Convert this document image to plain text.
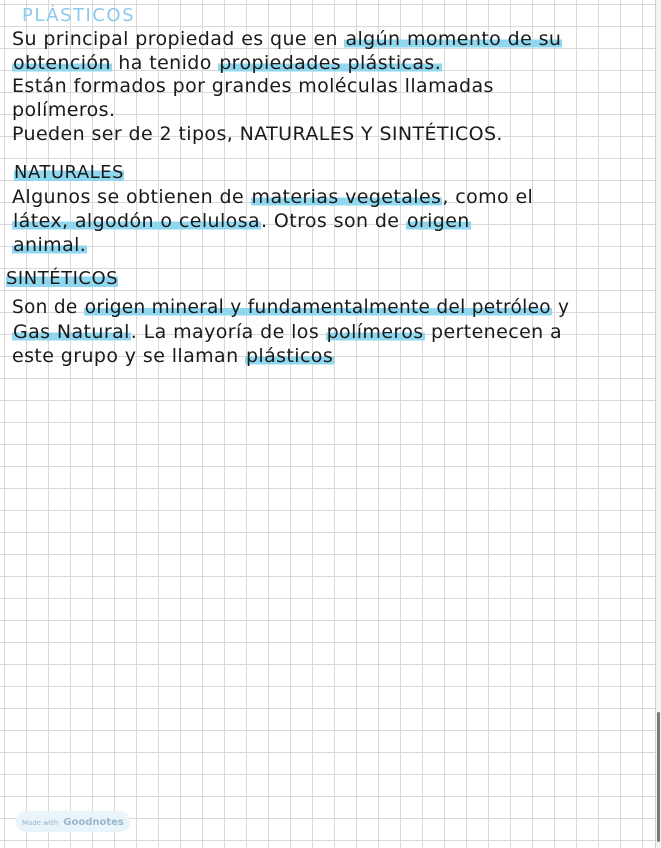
PLÁSTICOS
Su principal propiedad es que en algún momento de su
obtención ha tenido propiedades plásticas.
Están formados por grandes moléculas llamadas
polímeros.
Pueden ser de 2 tipos, NATURALES Y SINTÉTICOS.
NATURALES
Algunos se obtienen de materias vegetales, como el
látex, algodón o celulosa. Otros son de origen
animal.
SINTÉTICOS
Son de origen mineral y fundamentalmente del petróleo y
Gas Natural. La mayoría de los polímeros pertenecen a
este grupo y se llaman plásticos
Made with Goodnotes
